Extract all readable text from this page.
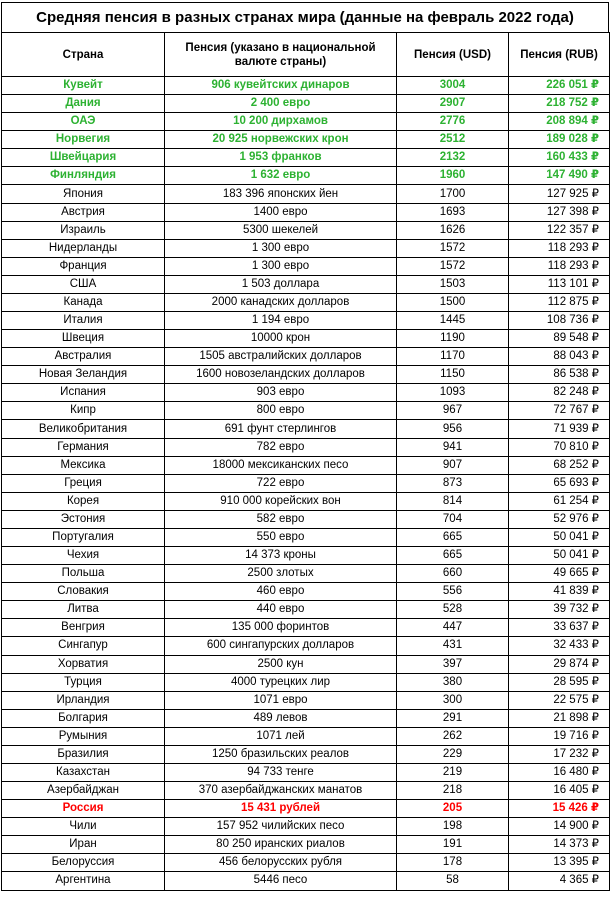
Средняя пенсия в разных странах мира (данные на февраль 2022 года)
Страна	Пенсия (указано в национальной валюте страны)	Пенсия (USD)	Пенсия (RUB)
Кувейт	906 кувейтских динаров	3004	226 051 ₽
Дания	2 400 евро	2907	218 752 ₽
ОАЭ	10 200 дирхамов	2776	208 894 ₽
Норвегия	20 925 норвежских крон	2512	189 028 ₽
Швейцария	1 953 франков	2132	160 433 ₽
Финляндия	1 632 евро	1960	147 490 ₽
Япония	183 396 японских йен	1700	127 925 ₽
Австрия	1400 евро	1693	127 398 ₽
Израиль	5300 шекелей	1626	122 357 ₽
Нидерланды	1 300 евро	1572	118 293 ₽
Франция	1 300 евро	1572	118 293 ₽
США	1 503 доллара	1503	113 101 ₽
Канада	2000 канадских долларов	1500	112 875 ₽
Италия	1 194 евро	1445	108 736 ₽
Швеция	10000 крон	1190	89 548 ₽
Австралия	1505 австралийских долларов	1170	88 043 ₽
Новая Зеландия	1600 новозеландских долларов	1150	86 538 ₽
Испания	903 евро	1093	82 248 ₽
Кипр	800 евро	967	72 767 ₽
Великобритания	691 фунт стерлингов	956	71 939 ₽
Германия	782 евро	941	70 810 ₽
Мексика	18000 мексиканских песо	907	68 252 ₽
Греция	722 евро	873	65 693 ₽
Корея	910 000 корейских вон	814	61 254 ₽
Эстония	582 евро	704	52 976 ₽
Португалия	550 евро	665	50 041 ₽
Чехия	14 373 кроны	665	50 041 ₽
Польша	2500 злотых	660	49 665 ₽
Словакия	460 евро	556	41 839 ₽
Литва	440 евро	528	39 732 ₽
Венгрия	135 000 форинтов	447	33 637 ₽
Сингапур	600 сингапурских долларов	431	32 433 ₽
Хорватия	2500 кун	397	29 874 ₽
Турция	4000 турецких лир	380	28 595 ₽
Ирландия	1071 евро	300	22 575 ₽
Болгария	489 левов	291	21 898 ₽
Румыния	1071 лей	262	19 716 ₽
Бразилия	1250 бразильских реалов	229	17 232 ₽
Казахстан	94 733 тенге	219	16 480 ₽
Азербайджан	370 азербайджанских манатов	218	16 405 ₽
Россия	15 431 рублей	205	15 426 ₽
Чили	157 952 чилийских песо	198	14 900 ₽
Иран	80 250 иранских риалов	191	14 373 ₽
Белоруссия	456 белорусских рубля	178	13 395 ₽
Аргентина	5446 песо	58	4 365 ₽
